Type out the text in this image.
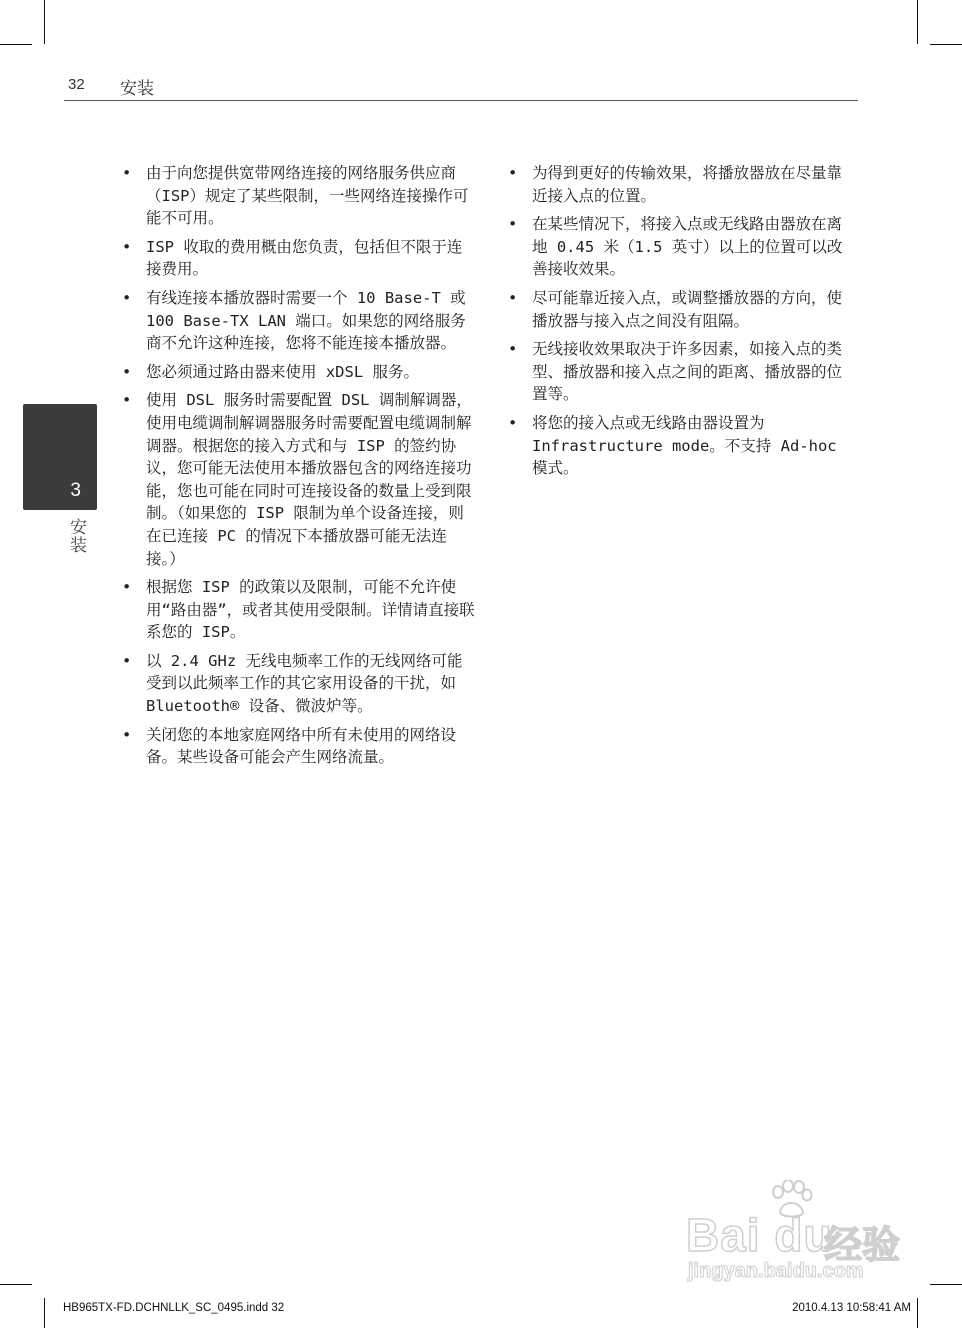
32 安装
3
安装
• 由于向您提供宽带网络连接的网络服务供应商（ISP）规定了某些限制，一些网络连接操作可能不可用。
• ISP 收取的费用概由您负责，包括但不限于连接费用。
• 有线连接本播放器时需要一个 10 Base-T 或 100 Base-TX LAN 端口。如果您的网络服务商不允许这种连接，您将不能连接本播放器。
• 您必须通过路由器来使用 xDSL 服务。
• 使用 DSL 服务时需要配置 DSL 调制解调器，使用电缆调制解调器服务时需要配置电缆调制解调器。根据您的接入方式和与 ISP 的签约协议，您可能无法使用本播放器包含的网络连接功能，您也可能在同时可连接设备的数量上受到限制。（如果您的 ISP 限制为单个设备连接，则在已连接 PC 的情况下本播放器可能无法连接。）
• 根据您 ISP 的政策以及限制，可能不允许使用“路由器”，或者其使用受限制。详情请直接联系您的 ISP。
• 以 2.4 GHz 无线电频率工作的无线网络可能受到以此频率工作的其它家用设备的干扰，如 Bluetooth® 设备、微波炉等。
• 关闭您的本地家庭网络中所有未使用的网络设备。某些设备可能会产生网络流量。
• 为得到更好的传输效果，将播放器放在尽量靠近接入点的位置。
• 在某些情况下，将接入点或无线路由器放在离地 0.45 米（1.5 英寸）以上的位置可以改善接收效果。
• 尽可能靠近接入点，或调整播放器的方向，使播放器与接入点之间没有阻隔。
• 无线接收效果取决于许多因素，如接入点的类型、播放器和接入点之间的距离、播放器的位置等。
• 将您的接入点或无线路由器设置为 Infrastructure mode。不支持 Ad-hoc 模式。
Bai du
经验
jingyan.baidu.com
HB965TX-FD.DCHNLLK_SC_0495.indd 32	2010.4.13 10:58:41 AM
